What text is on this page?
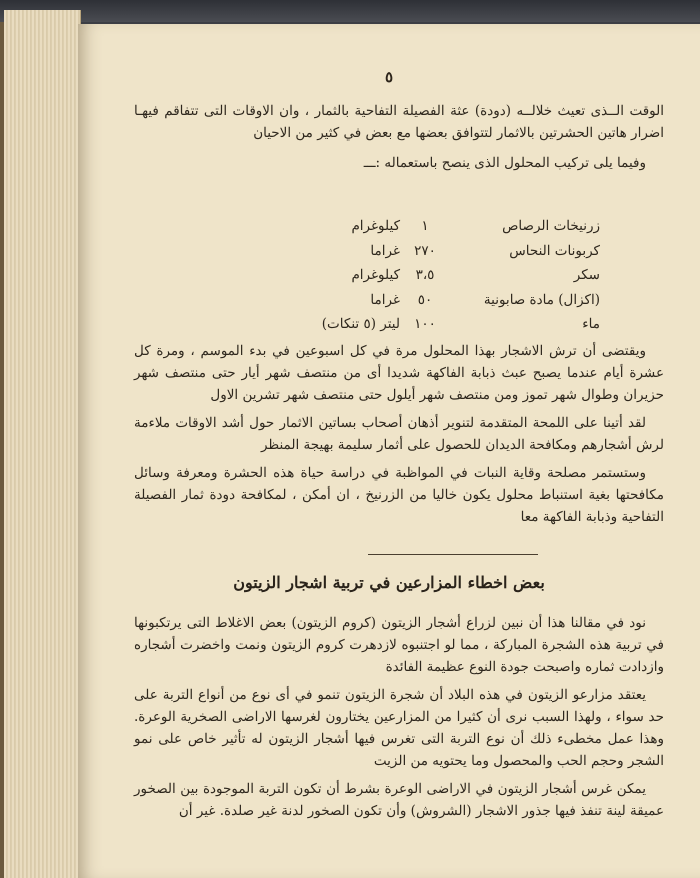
٥

الوقت الــذى تعيث خلالــه (دودة) عثة الفصيلة التفاحية بالثمار ، وان الاوقات التى تتفاقم فيهـا اضرار هاتين الحشرتين بالاثمار لتتوافق بعضها مع بعض في كثير من الاحيان

وفيما يلى تركيب المحلول الذى ينصح باستعماله :ـــ

زرنيخات الرصاص
١
كيلوغرام
كربونات النحاس
٢٧٠
غراما
سكر
٣،٥
كيلوغرام
(اكزال) مادة صابونية
٥٠
غراما
ماء
١٠٠
ليتر (٥ تنكات)

ويقتضى أن ترش الاشجار بهذا المحلول مرة في كل اسبوعين في بدء الموسم ، ومرة كل عشرة أيام عندما يصبح عبث ذبابة الفاكهة شديدا أى من منتصف شهر أيار حتى منتصف شهر حزيران وطوال شهر تموز ومن منتصف شهر أيلول حتى منتصف شهر تشرين الاول

لقد أتينا على اللمحة المتقدمة لتنوير أذهان أصحاب بساتين الاثمار حول أشد الاوقات ملاءمة لرش أشجارهم ومكافحة الديدان للحصول على أثمار سليمة بهيجة المنظر

وستستمر مصلحة وقاية النبات في المواظبة في دراسة حياة هذه الحشرة ومعرفة وسائل مكافحتها بغية استنباط محلول يكون خاليا من الزرنيخ ، ان أمكن ، لمكافحة دودة ثمار الفصيلة التفاحية وذبابة الفاكهة معا

بعض اخطاء المزارعين في تربية اشجار الزيتون

نود في مقالنا هذا أن نبين لزراع أشجار الزيتون (كروم الزيتون) بعض الاغلاط التى يرتكبونها في تربية هذه الشجرة المباركة ، مما لو اجتنبوه لازدهرت كروم الزيتون ونمت واخضرت أشجاره وازدادت ثماره واصبحت جودة النوع عظيمة الفائدة

يعتقد مزارعو الزيتون في هذه البلاد أن شجرة الزيتون تنمو في أى نوع من أنواع التربة على حد سواء ، ولهذا السبب نرى أن كثيرا من المزارعين يختارون لغرسها الاراضى الصخرية الوعرة. وهذا عمل مخطىء ذلك أن نوع التربة التى تغرس فيها أشجار الزيتون له تأثير خاص على نمو الشجر وحجم الحب والمحصول وما يحتويه من الزيت

يمكن غرس أشجار الزيتون في الاراضى الوعرة بشرط أن تكون التربة الموجودة بين الصخور عميقة لينة تنفذ فيها جذور الاشجار (الشروش) وأن تكون الصخور لدنة غير صلدة. غير أن
